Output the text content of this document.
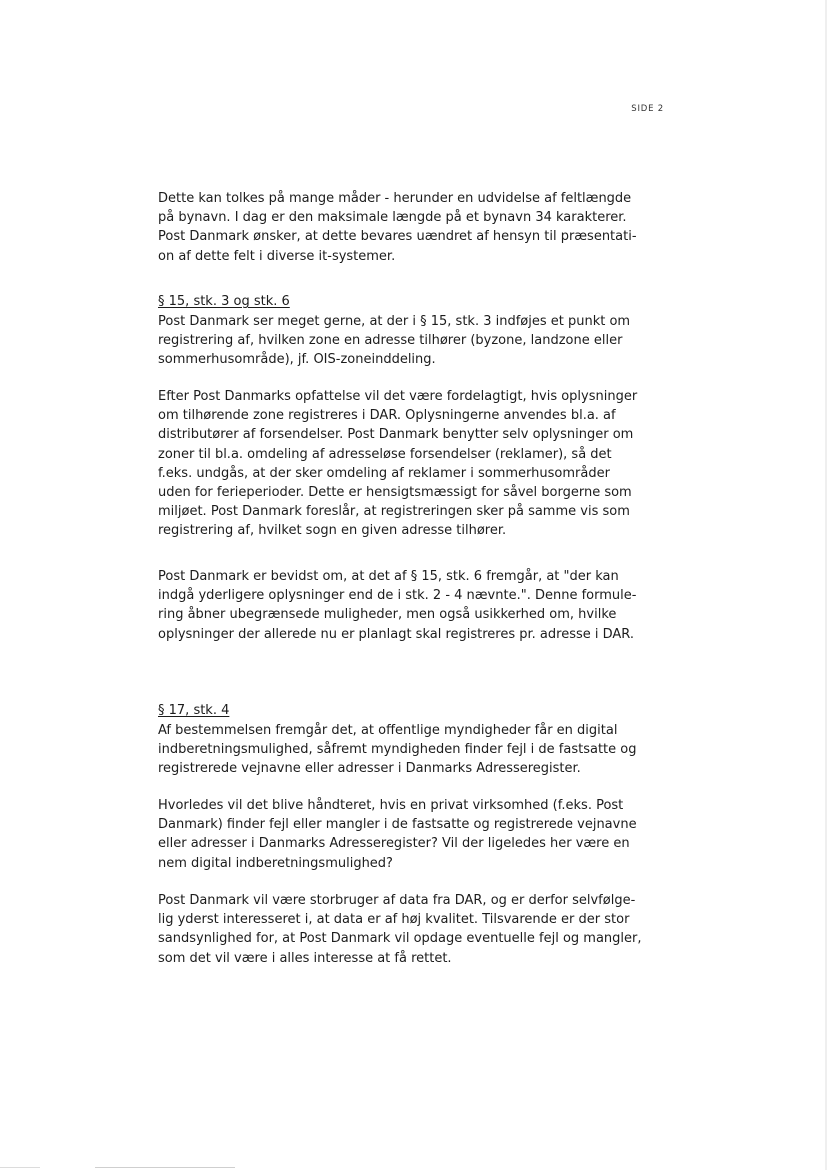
SIDE 2

Dette kan tolkes på mange måder - herunder en udvidelse af feltlængde
på bynavn. I dag er den maksimale længde på et bynavn 34 karakterer.
Post Danmark ønsker, at dette bevares uændret af hensyn til præsentati-
on af dette felt i diverse it-systemer.

§ 15, stk. 3 og stk. 6

Post Danmark ser meget gerne, at der i § 15, stk. 3 indføjes et punkt om
registrering af, hvilken zone en adresse tilhører (byzone, landzone eller
sommerhusområde), jf. OIS-zoneinddeling.

Efter Post Danmarks opfattelse vil det være fordelagtigt, hvis oplysninger
om tilhørende zone registreres i DAR. Oplysningerne anvendes bl.a. af
distributører af forsendelser. Post Danmark benytter selv oplysninger om
zoner til bl.a. omdeling af adresseløse forsendelser (reklamer), så det
f.eks. undgås, at der sker omdeling af reklamer i sommerhusområder
uden for ferieperioder. Dette er hensigtsmæssigt for såvel borgerne som
miljøet. Post Danmark foreslår, at registreringen sker på samme vis som
registrering af, hvilket sogn en given adresse tilhører.

Post Danmark er bevidst om, at det af § 15, stk. 6 fremgår, at "der kan
indgå yderligere oplysninger end de i stk. 2 - 4 nævnte.". Denne formule-
ring åbner ubegrænsede muligheder, men også usikkerhed om, hvilke
oplysninger der allerede nu er planlagt skal registreres pr. adresse i DAR.

§ 17, stk. 4

Af bestemmelsen fremgår det, at offentlige myndigheder får en digital
indberetningsmulighed, såfremt myndigheden finder fejl i de fastsatte og
registrerede vejnavne eller adresser i Danmarks Adresseregister.

Hvorledes vil det blive håndteret, hvis en privat virksomhed (f.eks. Post
Danmark) finder fejl eller mangler i de fastsatte og registrerede vejnavne
eller adresser i Danmarks Adresseregister? Vil der ligeledes her være en
nem digital indberetningsmulighed?

Post Danmark vil være storbruger af data fra DAR, og er derfor selvfølge-
lig yderst interesseret i, at data er af høj kvalitet. Tilsvarende er der stor
sandsynlighed for, at Post Danmark vil opdage eventuelle fejl og mangler,
som det vil være i alles interesse at få rettet.
